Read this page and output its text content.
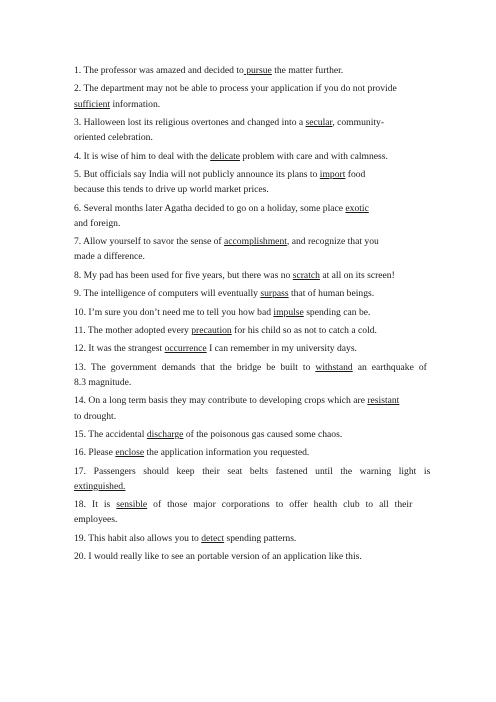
1. The professor was amazed and decided to pursue the matter further.

2. The department may not be able to process your application if you do not provide
sufficient information.

3. Halloween lost its religious overtones and changed into a secular, community-
oriented celebration.

4. It is wise of him to deal with the delicate problem with care and with calmness.

5. But officials say India will not publicly announce its plans to import food
because this tends to drive up world market prices.

6. Several months later Agatha decided to go on a holiday, some place exotic
and foreign.

7. Allow yourself to savor the sense of accomplishment, and recognize that you
made a difference.

8. My pad has been used for five years, but there was no scratch at all on its screen!

9. The intelligence of computers will eventually surpass that of human beings.

10. I’m sure you don’t need me to tell you how bad impulse spending can be.

11. The mother adopted every precaution for his child so as not to catch a cold.

12. It was the strangest occurrence I can remember in my university days.

13. The government demands that the bridge be built to withstand an earthquake of
8.3 magnitude.

14. On a long term basis they may contribute to developing crops which are resistant
to drought.

15. The accidental discharge of the poisonous gas caused some chaos.

16. Please enclose the application information you requested.

17. Passengers should keep their seat belts fastened until the warning light is
extinguished.

18. It is sensible of those major corporations to offer health club to all their
employees.

19. This habit also allows you to detect spending patterns.

20. I would really like to see an portable version of an application like this.
